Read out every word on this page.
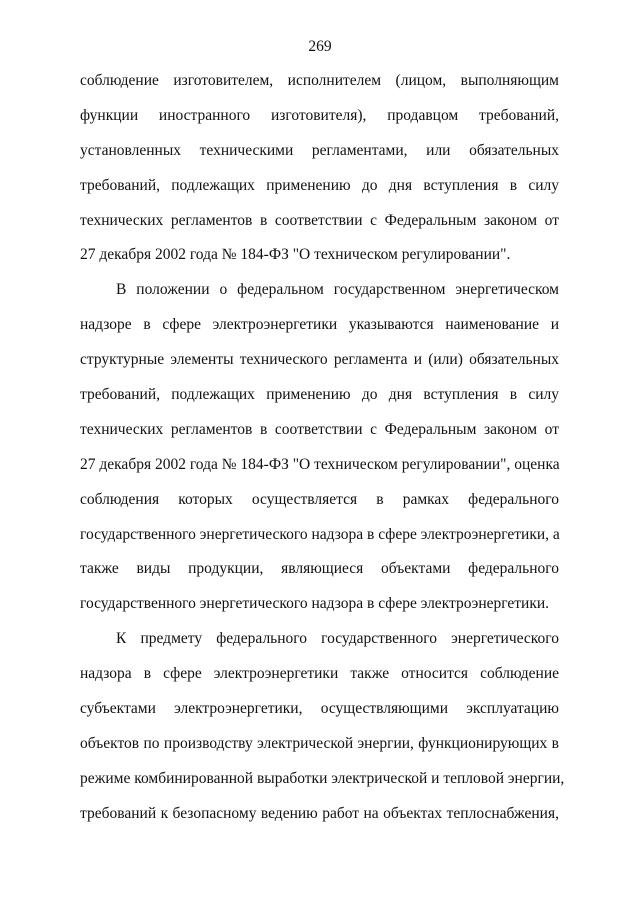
269
соблюдение изготовителем, исполнителем (лицом, выполняющим
функции иностранного изготовителя), продавцом требований,
установленных техническими регламентами, или обязательных
требований, подлежащих применению до дня вступления в силу
технических регламентов в соответствии с Федеральным законом от
27 декабря 2002 года № 184-ФЗ "О техническом регулировании".
В положении о федеральном государственном энергетическом
надзоре в сфере электроэнергетики указываются наименование и
структурные элементы технического регламента и (или) обязательных
требований, подлежащих применению до дня вступления в силу
технических регламентов в соответствии с Федеральным законом от
27 декабря 2002 года № 184-ФЗ "О техническом регулировании", оценка
соблюдения которых осуществляется в рамках федерального
государственного энергетического надзора в сфере электроэнергетики, а
также виды продукции, являющиеся объектами федерального
государственного энергетического надзора в сфере электроэнергетики.
К предмету федерального государственного энергетического
надзора в сфере электроэнергетики также относится соблюдение
субъектами электроэнергетики, осуществляющими эксплуатацию
объектов по производству электрической энергии, функционирующих в
режиме комбинированной выработки электрической и тепловой энергии,
требований к безопасному ведению работ на объектах теплоснабжения,
